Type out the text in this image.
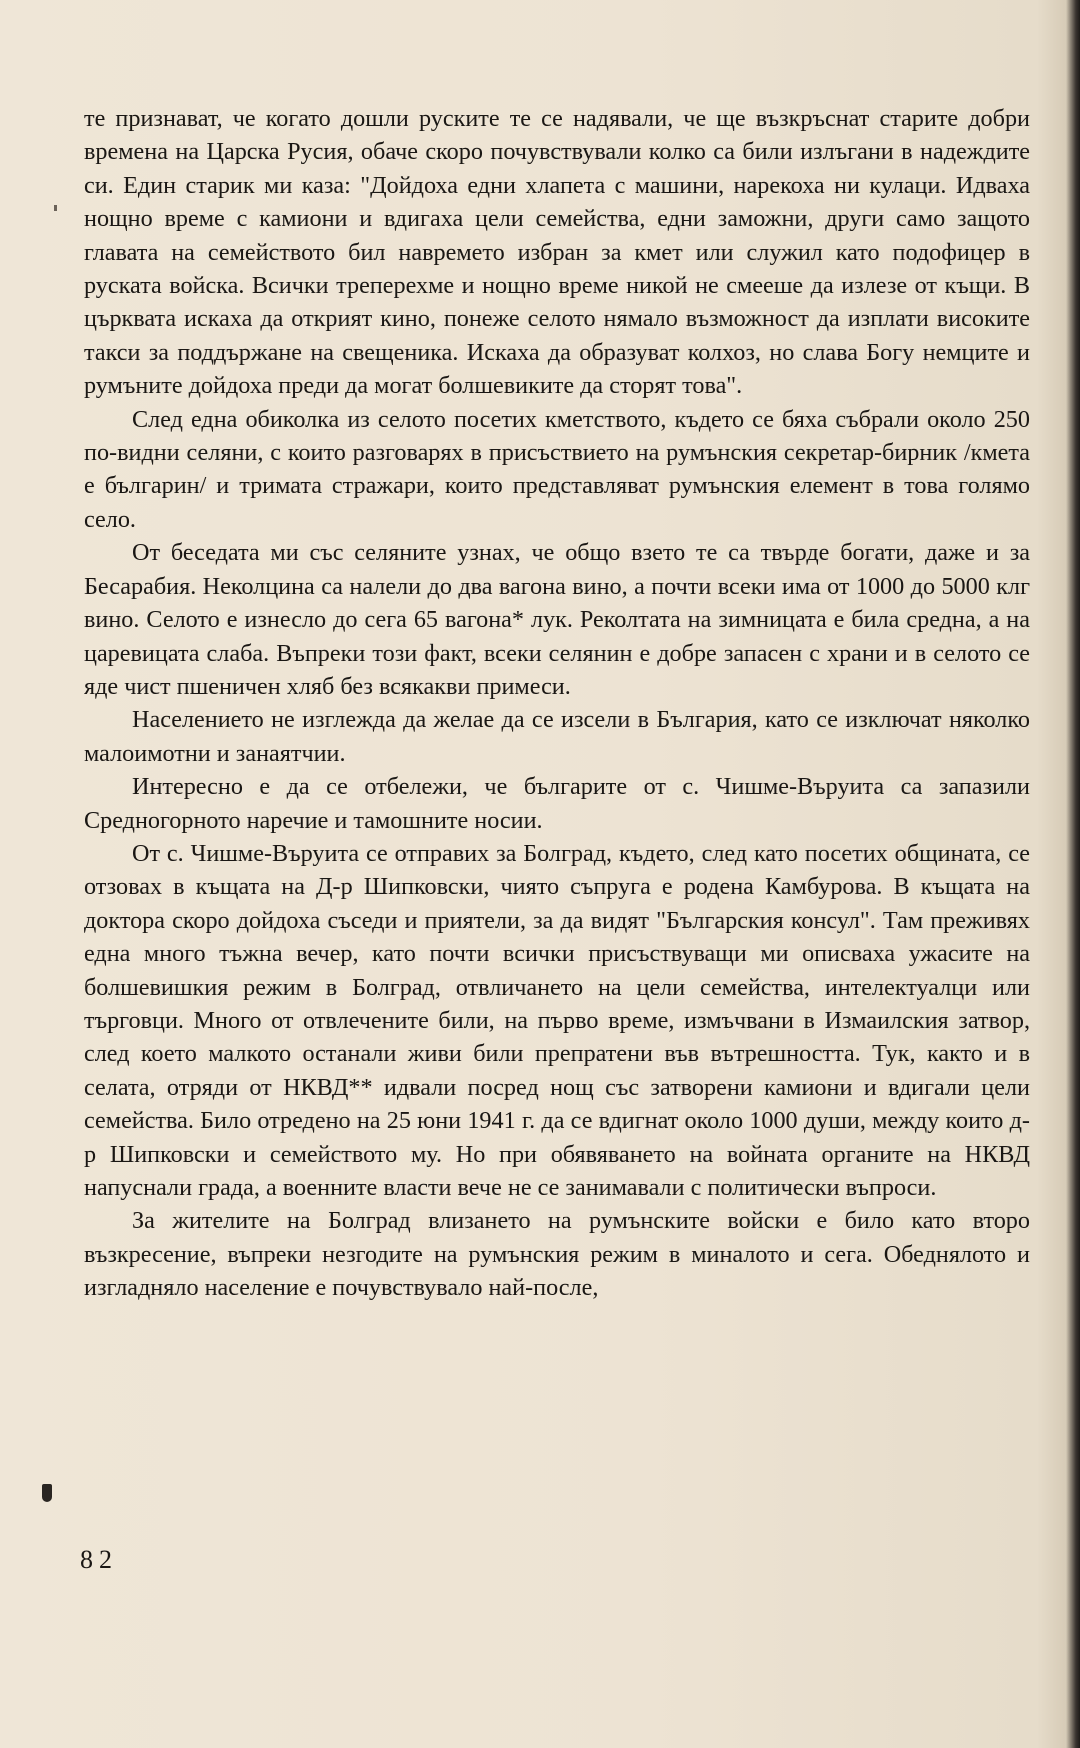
те признават, че когато дошли руските те се надявали, че ще възкръснат старите добри времена на Царска Русия, обаче скоро почувствували колко са били излъгани в надеждите си. Един старик ми каза: "Дойдоха едни хлапета с машини, нарекоха ни кулаци. Идваха нощно време с камиони и вдигаха цели семейства, едни заможни, други само защото главата на семейството бил навремето избран за кмет или служил като подофицер в руската войска. Всички трепeрехме и нощно време никой не смееше да излезе от къщи. В църквата искаха да открият кино, понеже селото нямало възможност да изплати високите такси за поддържане на свещеника. Искаха да образуват колхоз, но слава Богу немците и румъните дойдоха преди да могат болшевиките да сторят това".

След една обиколка из селото посетих кметството, където се бяха събрали около 250 по-видни селяни, с които разговарях в присъствието на румънския секретар-бирник /кмета е българин/ и тримата стражари, които представляват румънския елемент в това голямо село.

От беседата ми със селяните узнах, че общо взето те са твърде богати, даже и за Бесарабия. Неколцина са налели до два вагона вино, а почти всеки има от 1000 до 5000 клг вино. Селото е изнесло до сега 65 вагона* лук. Реколтата на зимницата е била средна, а на царевицата слаба. Въпреки този факт, всеки селянин е добре запасен с храни и в селото се яде чист пшеничен хляб без всякакви примеси.

Населението не изглежда да желае да се изсели в България, като се изключат няколко малоимотни и занаятчии.

Интересно е да се отбележи, че българите от с. Чишме-Въруита са запазили Средногорното наречие и тамошните носии.

От с. Чишме-Въруита се отправих за Болград, където, след като посетих общината, се отзовах в къщата на Д-р Шипковски, чиято съпруга е родена Камбурова. В къщата на доктора скоро дойдоха съседи и приятели, за да видят "Българския консул". Там преживях една много тъжна вечер, като почти всички присъствуващи ми описваха ужасите на болшевишкия режим в Болград, отвличането на цели семейства, интелектуалци или търговци. Много от отвлечените били, на първо време, измъчвани в Измаилския затвор, след което малкото останали живи били препратени във вътрешността. Тук, както и в селата, отряди от НКВД** идвали посред нощ със затворени камиони и вдигали цели семейства. Било отредено на 25 юни 1941 г. да се вдигнат около 1000 души, между които д-р Шипковски и семейството му. Но при обявяването на войната органите на НКВД напуснали града, а военните власти вече не се занимавали с политически въпроси.

За жителите на Болград влизането на румънските войски е било като второ възкресение, въпреки незгодите на румънския режим в миналото и сега. Обеднялото и изгладняло население е почувствувало най-после,

82
